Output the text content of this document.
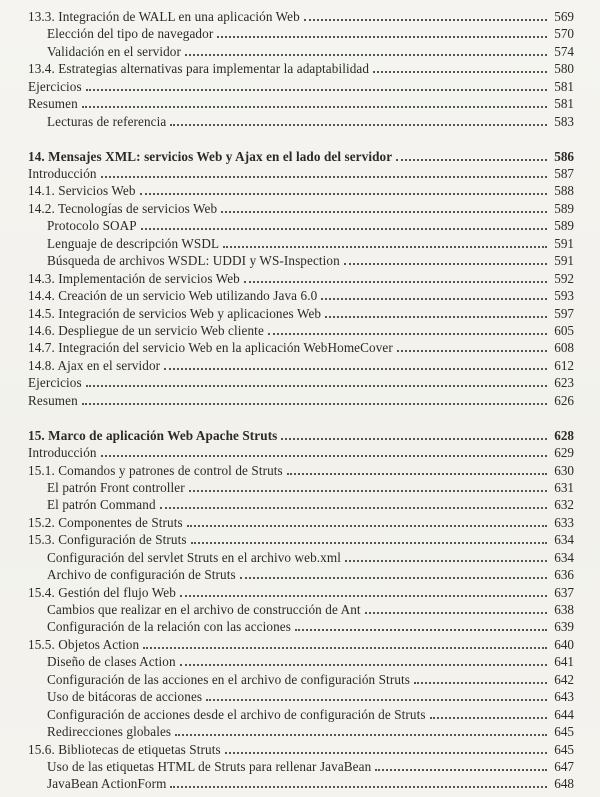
13.3. Integración de WALL en una aplicación Web	569
Elección del tipo de navegador	570
Validación en el servidor	574
13.4. Estrategias alternativas para implementar la adaptabilidad	580
Ejercicios	581
Resumen	581
Lecturas de referencia	583
14. Mensajes XML: servicios Web y Ajax en el lado del servidor	586
Introducción	587
14.1. Servicios Web	588
14.2. Tecnologías de servicios Web	589
Protocolo SOAP	589
Lenguaje de descripción WSDL	591
Búsqueda de archivos WSDL: UDDI y WS-Inspection	591
14.3. Implementación de servicios Web	592
14.4. Creación de un servicio Web utilizando Java 6.0	593
14.5. Integración de servicios Web y aplicaciones Web	597
14.6. Despliegue de un servicio Web cliente	605
14.7. Integración del servicio Web en la aplicación WebHomeCover	608
14.8. Ajax en el servidor	612
Ejercicios	623
Resumen	626
15. Marco de aplicación Web Apache Struts	628
Introducción	629
15.1. Comandos y patrones de control de Struts	630
El patrón Front controller	631
El patrón Command	632
15.2. Componentes de Struts	633
15.3. Configuración de Struts	634
Configuración del servlet Struts en el archivo web.xml	634
Archivo de configuración de Struts	636
15.4. Gestión del flujo Web	637
Cambios que realizar en el archivo de construcción de Ant	638
Configuración de la relación con las acciones	639
15.5. Objetos Action	640
Diseño de clases Action	641
Configuración de las acciones en el archivo de configuración Struts	642
Uso de bitácoras de acciones	643
Configuración de acciones desde el archivo de configuración de Struts	644
Redirecciones globales	645
15.6. Bibliotecas de etiquetas Struts	645
Uso de las etiquetas HTML de Struts para rellenar JavaBean	647
JavaBean ActionForm	648
